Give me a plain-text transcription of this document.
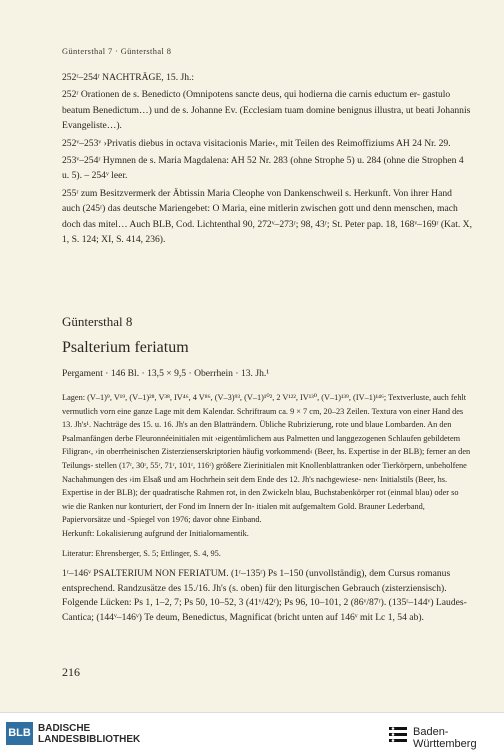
Güntersthal 7 · Güntersthal 8

252ʳ–254ʳ NACHTRÄGE, 15. Jh.:

252ʳ Orationen de s. Benedicto (Omnipotens sancte deus, qui hodierna die carnis eductum er- gastulo beatum Benedictum…) und de s. Johanne Ev. (Ecclesiam tuam domine benignus illustra, ut beati Johannis Evangeliste…).

252ᵛ–253ᵛ ›Privatis diebus in octava visitacionis Marie‹, mit Teilen des Reimoffiziums AH 24 Nr. 29.

253ᵛ–254ʳ Hymnen de s. Maria Magdalena: AH 52 Nr. 283 (ohne Strophe 5) u. 284 (ohne die Strophen 4 u. 5). – 254ᵛ leer.

255ʳ zum Besitzvermerk der Äbtissin Maria Cleophe von Dankenschweil s. Herkunft. Von ihrer Hand auch (245ʳ) das deutsche Mariengebet: O Maria, eine mitlerin zwischen gott und denn menschen, mach doch das mitel… Auch BLB, Cod. Lichtenthal 90, 272ᵛ–273ʳ; 98, 43ʳ; St. Peter pap. 18, 168ᵛ–169ʳ (Kat. X, 1, S. 124; XI, S. 414, 236).

Güntersthal 8
Psalterium feriatum
Pergament · 146 Bl. · 13,5 × 9,5 · Oberrhein · 13. Jh.¹

Lagen: (V–1)⁹, V¹⁹, (V–1)²⁸, V³⁸, IV⁴⁶, 4 V⁸⁶, (V–3)⁹³, (V–1)¹⁰², 2 V¹²², IV¹³⁰, (V–1)¹³⁹, (IV–1)¹⁴⁶; Textverluste, auch fehlt vermutlich vorn eine ganze Lage mit dem Kalendar. Schriftraum ca. 9 × 7 cm, 20–23 Zeilen. Textura von einer Hand des 13. Jh's¹. Nachträge des 15. u. 16. Jh's an den Blatträndern. Übliche Rubrizierung, rote und blaue Lombarden. An den Psalmanfängen derbe Fleuronnéeinitialen mit ›eigentümlichem aus Palmetten und langgezogenen Schlaufen gebildetem Filigran‹, ›in oberrheinischen Zisterzienserskriptorien häufig vorkommend‹ (Beer, hs. Expertise in der BLB); ferner an den Teilungs- stellen (17ʳ, 30ʳ, 55ʳ, 71ʳ, 101ʳ, 116ʳ) größere Zierinitialen mit Knollenblattranken oder Tierkörpern, unbeholfene Nachahmungen des ›im Elsaß und am Hochrhein seit dem Ende des 12. Jh's nachgewiese- nen‹ Initialstils (Beer, hs. Expertise in der BLB); der quadratische Rahmen rot, in den Zwickeln blau, Buchstabenkörper rot (einmal blau) oder so wie die Ranken nur konturiert, der Fond im Innern der In- itialen mit aufgemaltem Gold. Brauner Lederband, Papiervorsätze und -Spiegel von 1976; davor ohne Einband.

Herkunft: Lokalisierung aufgrund der Initialornamentik.
Literatur: Ehrensberger, S. 5; Ettlinger, S. 4, 95.
1ʳ–146ᵛ PSALTERIUM NON FERIATUM. (1ʳ–135ʳ) Ps 1–150 (unvollständig), dem Cursus romanus entsprechend. Randzusätze des 15./16. Jh's (s. oben) für den liturgischen Gebrauch (zisterziensisch). Folgende Lücken: Ps 1, 1–2, 7; Ps 50, 10–52, 3 (41ᵛ/42ʳ); Ps 96, 10–101, 2 (86ᵛ/87ʳ). (135ʳ–144ᵛ) Laudes-Cantica; (144ᵛ–146ᵛ) Te deum, Benedictus, Magnificat (bricht unten auf 146ᵛ mit Lc 1, 54 ab).
216
BLB BADISCHE
LANDESBIBLIOTHEK
Baden-Württemberg
